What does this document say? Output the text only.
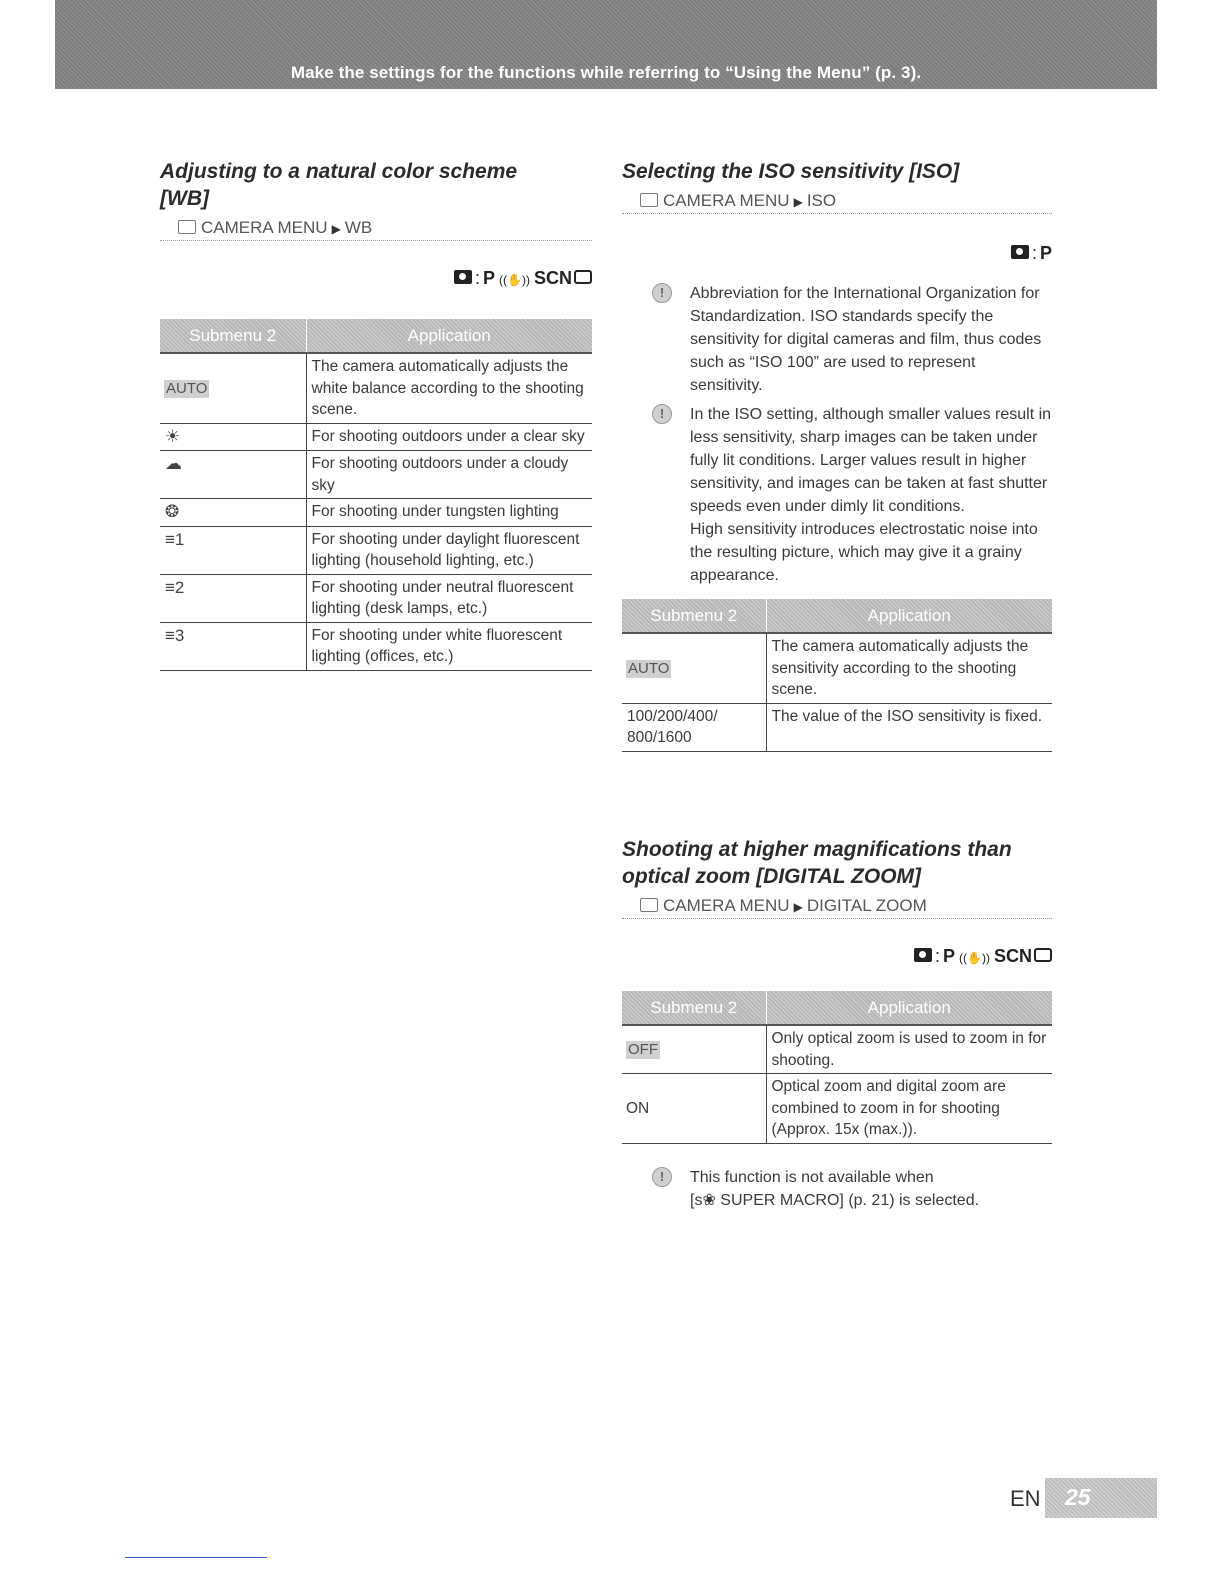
Make the settings for the functions while referring to “Using the Menu” (p. 3).
Adjusting to a natural color scheme
[WB]
CAMERA MENU ▶ WB
: P ((✋)) SCN
Submenu 2	Application
AUTO	The camera automatically adjusts the white balance according to the shooting scene.
☀	For shooting outdoors under a clear sky
☁	For shooting outdoors under a cloudy sky
❂	For shooting under tungsten lighting
≡1	For shooting under daylight fluorescent lighting (household lighting, etc.)
≡2	For shooting under neutral fluorescent lighting (desk lamps, etc.)
≡3	For shooting under white fluorescent lighting (offices, etc.)
Selecting the ISO sensitivity [ISO]
CAMERA MENU ▶ ISO
: P

!	Abbreviation for the International Organization for Standardization. ISO standards specify the sensitivity for digital cameras and film, thus codes such as “ISO 100” are used to represent sensitivity.

!	In the ISO setting, although smaller values result in less sensitivity, sharp images can be taken under fully lit conditions. Larger values result in higher sensitivity, and images can be taken at fast shutter speeds even under dimly lit conditions.

High sensitivity introduces electrostatic noise into the resulting picture, which may give it a grainy appearance.

Submenu 2	Application
AUTO	The camera automatically adjusts the sensitivity according to the shooting scene.
100/200/400/ 800/1600	The value of the ISO sensitivity is fixed.
Shooting at higher magnifications than
optical zoom [DIGITAL ZOOM]
CAMERA MENU ▶ DIGITAL ZOOM
: P ((✋)) SCN
Submenu 2	Application
OFF	Only optical zoom is used to zoom in for shooting.
ON	Optical zoom and digital zoom are combined to zoom in for shooting (Approx. 15x (max.)).

!	This function is not available when
[s❀ SUPER MACRO] (p. 21) is selected.

EN 25
